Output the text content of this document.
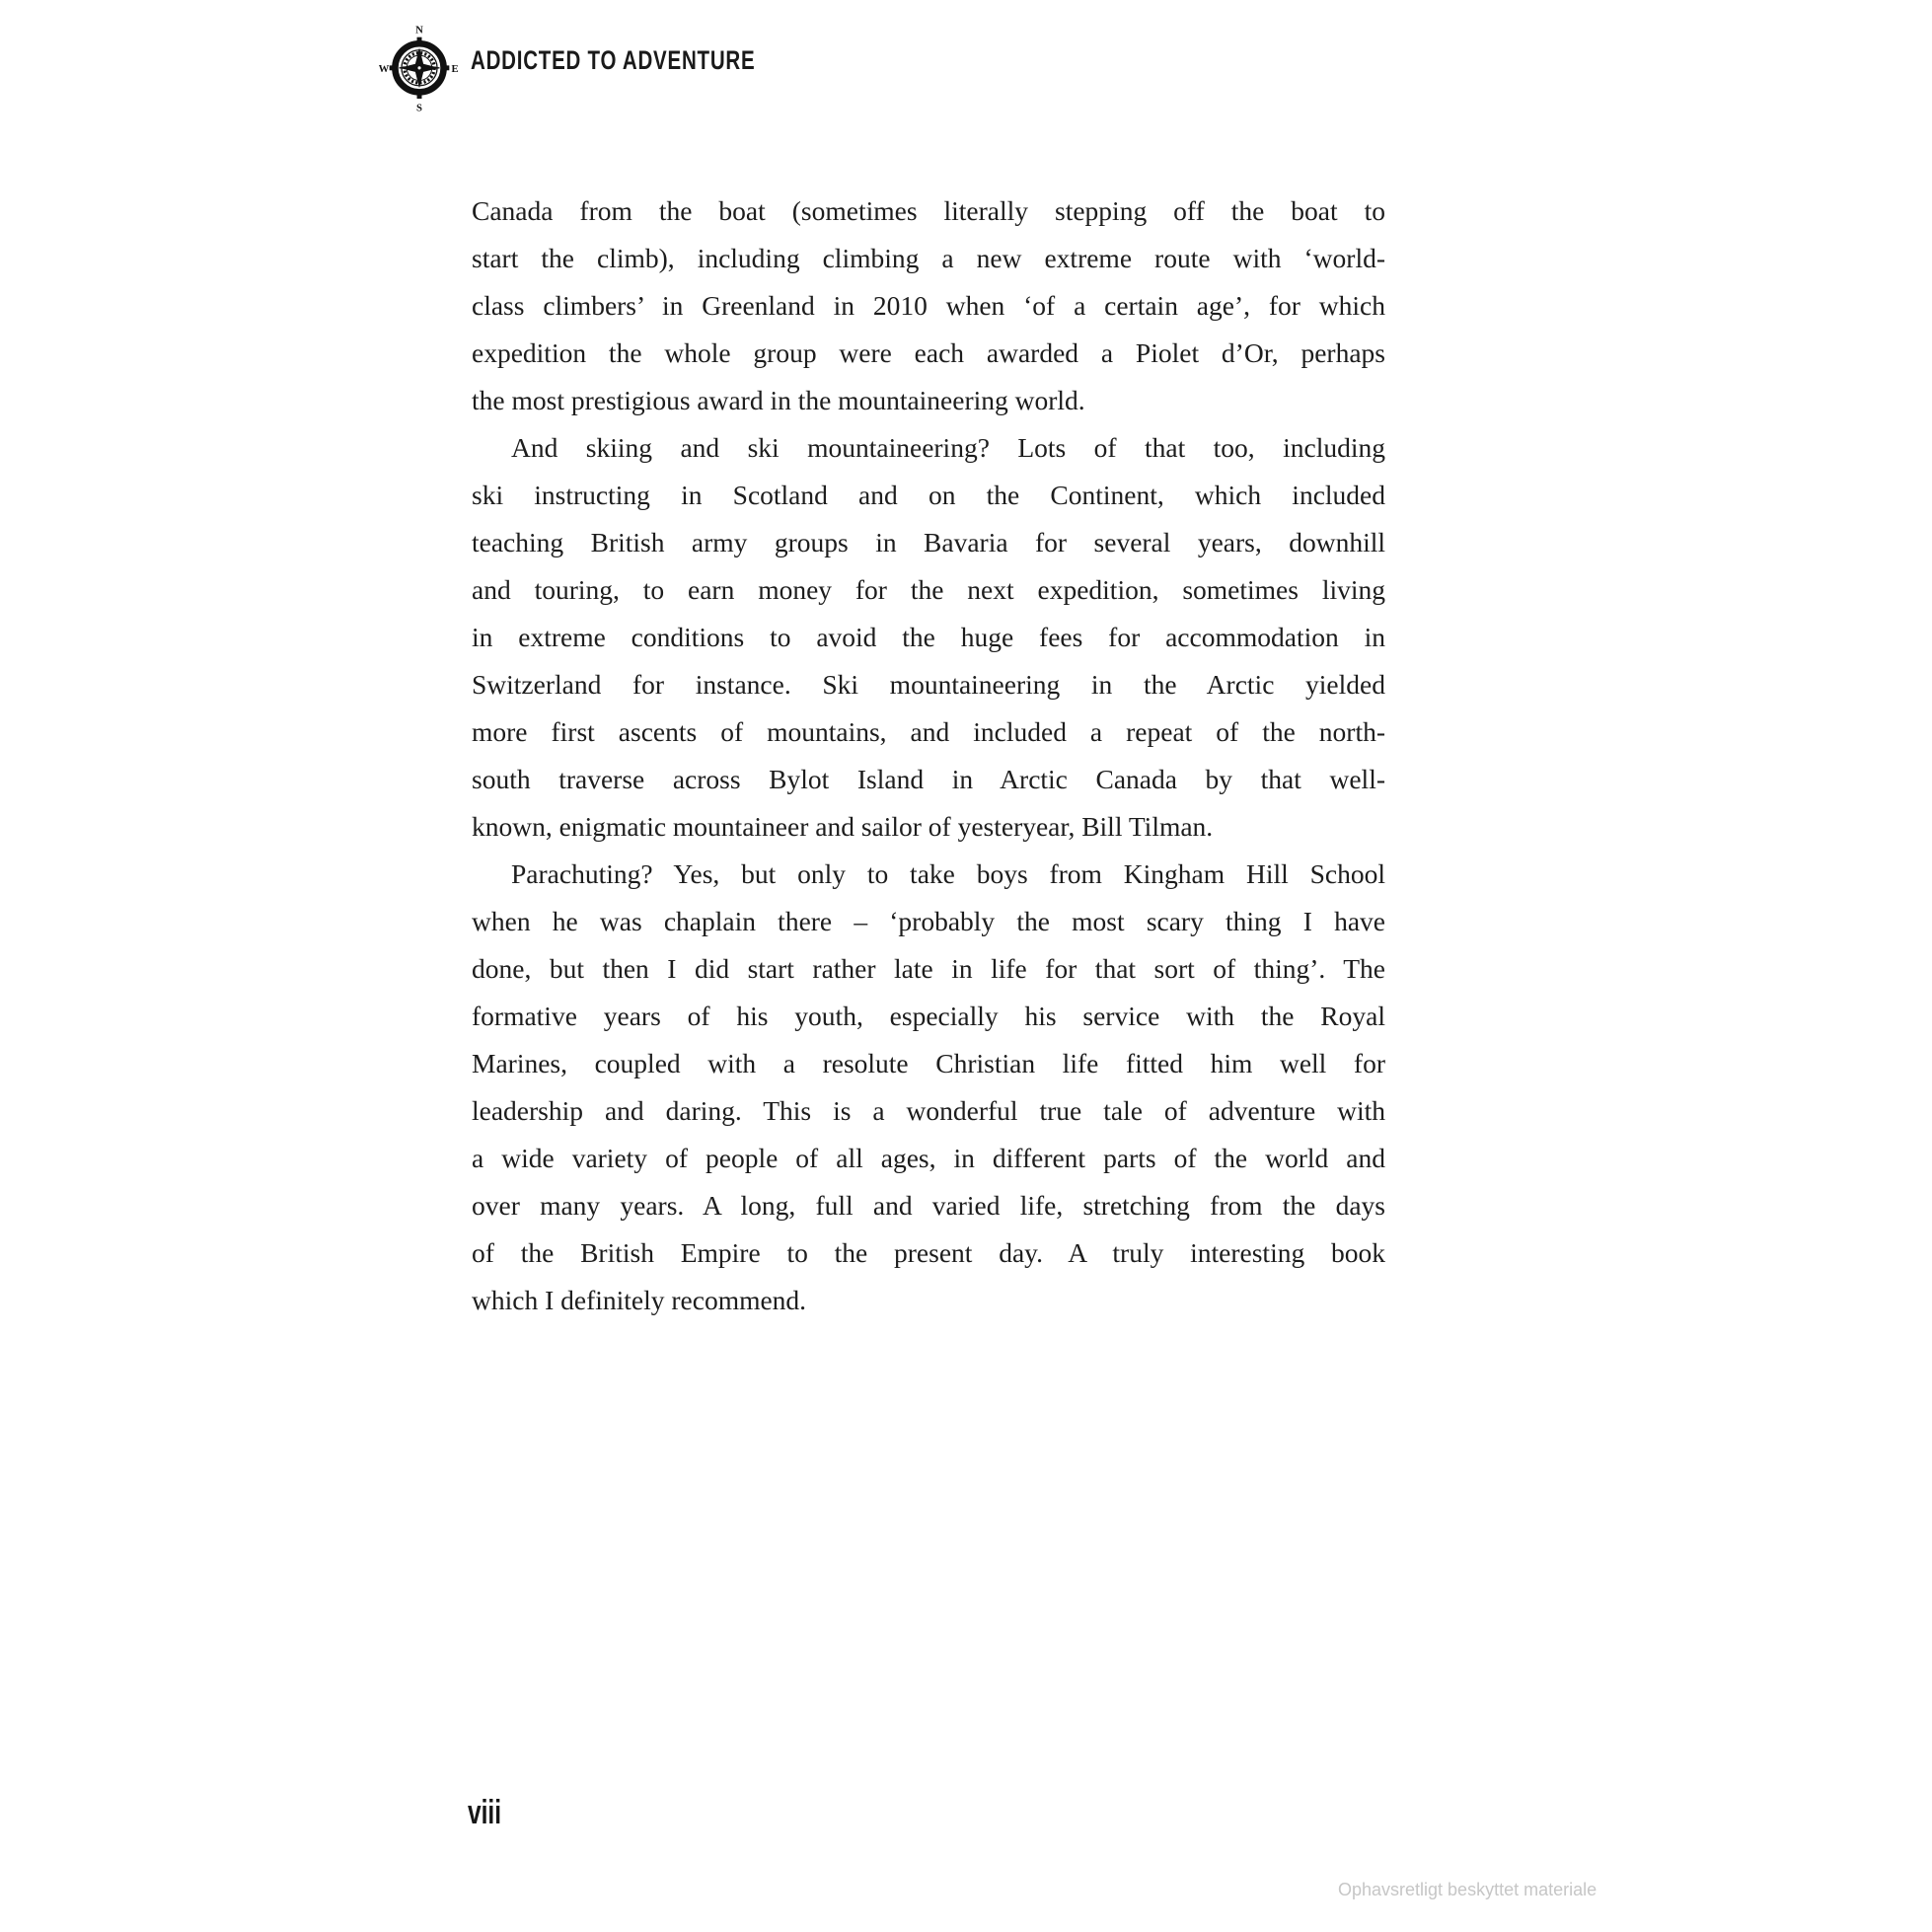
N
S
W	E ADDICTED TO ADVENTURE
Canada from the boat (sometimes literally stepping off the boat to
start the climb), including climbing a new extreme route with ‘world-
class climbers’ in Greenland in 2010 when ‘of a certain age’, for which
expedition the whole group were each awarded a Piolet d’Or, perhaps
the most prestigious award in the mountaineering world.
And skiing and ski mountaineering? Lots of that too, including
ski instructing in Scotland and on the Continent, which included
teaching British army groups in Bavaria for several years, downhill
and touring, to earn money for the next expedition, sometimes living
in extreme conditions to avoid the huge fees for accommodation in
Switzerland for instance. Ski mountaineering in the Arctic yielded
more first ascents of mountains, and included a repeat of the north-
south traverse across Bylot Island in Arctic Canada by that well-
known, enigmatic mountaineer and sailor of yesteryear, Bill Tilman.
Parachuting? Yes, but only to take boys from Kingham Hill School
when he was chaplain there – ‘probably the most scary thing I have
done, but then I did start rather late in life for that sort of thing’. The
formative years of his youth, especially his service with the Royal
Marines, coupled with a resolute Christian life fitted him well for
leadership and daring. This is a wonderful true tale of adventure with
a wide variety of people of all ages, in different parts of the world and
over many years. A long, full and varied life, stretching from the days
of the British Empire to the present day. A truly interesting book
which I definitely recommend.
viii
Ophavsretligt beskyttet materiale
